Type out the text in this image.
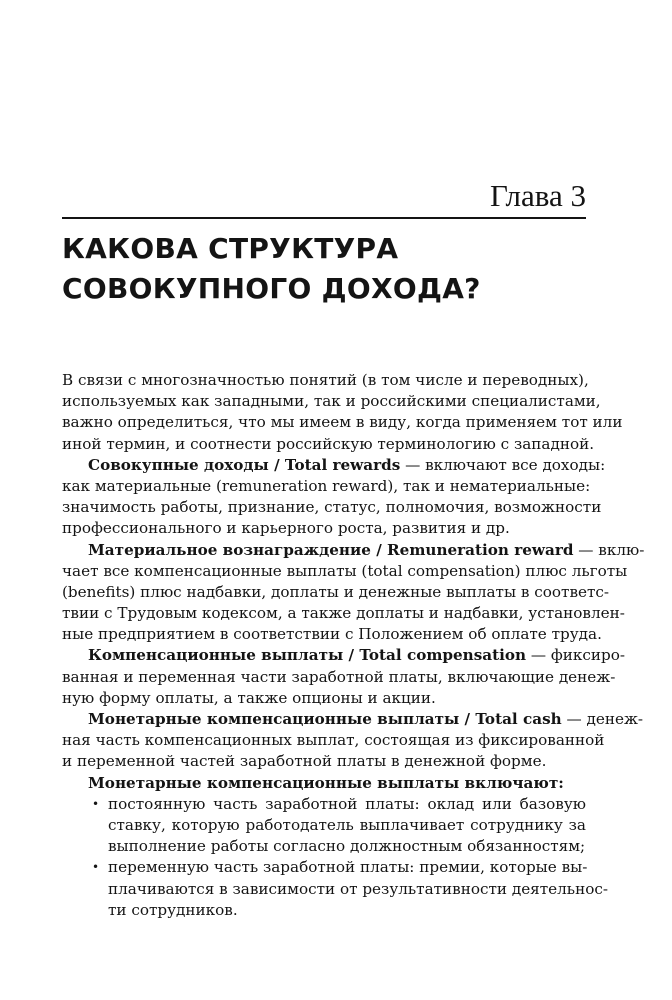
Глава 3
КАКОВА СТРУКТУРА
СОВОКУПНОГО ДОХОДА?
В связи с многозначностью понятий (в том числе и переводных),
используемых как западными, так и российскими специалистами,
важно определиться, что мы имеем в виду, когда применяем тот или
иной термин, и соотнести российскую терминологию с западной.
Совокупные доходы / Total rewards — включают все доходы:
как материальные (remuneration reward), так и нематериальные:
значимость работы, признание, статус, полномочия, возможности
профессионального и карьерного роста, развития и др.
Материальное вознаграждение / Remuneration reward — вклю-
чает все компенсационные выплаты (total compensation) плюс льготы
(benefits) плюс надбавки, доплаты и денежные выплаты в соответс-
твии с Трудовым кодексом, а также доплаты и надбавки, установлен-
ные предприятием в соответствии с Положением об оплате труда.
Компенсационные выплаты / Total compensation — фиксиро-
ванная и переменная части заработной платы, включающие денеж-
ную форму оплаты, а также опционы и акции.
Монетарные компенсационные выплаты / Total cash — денеж-
ная часть компенсационных выплат, состоящая из фиксированной
и переменной частей заработной платы в денежной форме.
Монетарные компенсационные выплаты включают:
• постоянную часть заработной платы: оклад или базовую
ставку, которую работодатель выплачивает сотруднику за
выполнение работы согласно должностным обязанностям;
• переменную часть заработной платы: премии, которые вы-
плачиваются в зависимости от результативности деятельнос-
ти сотрудников.
